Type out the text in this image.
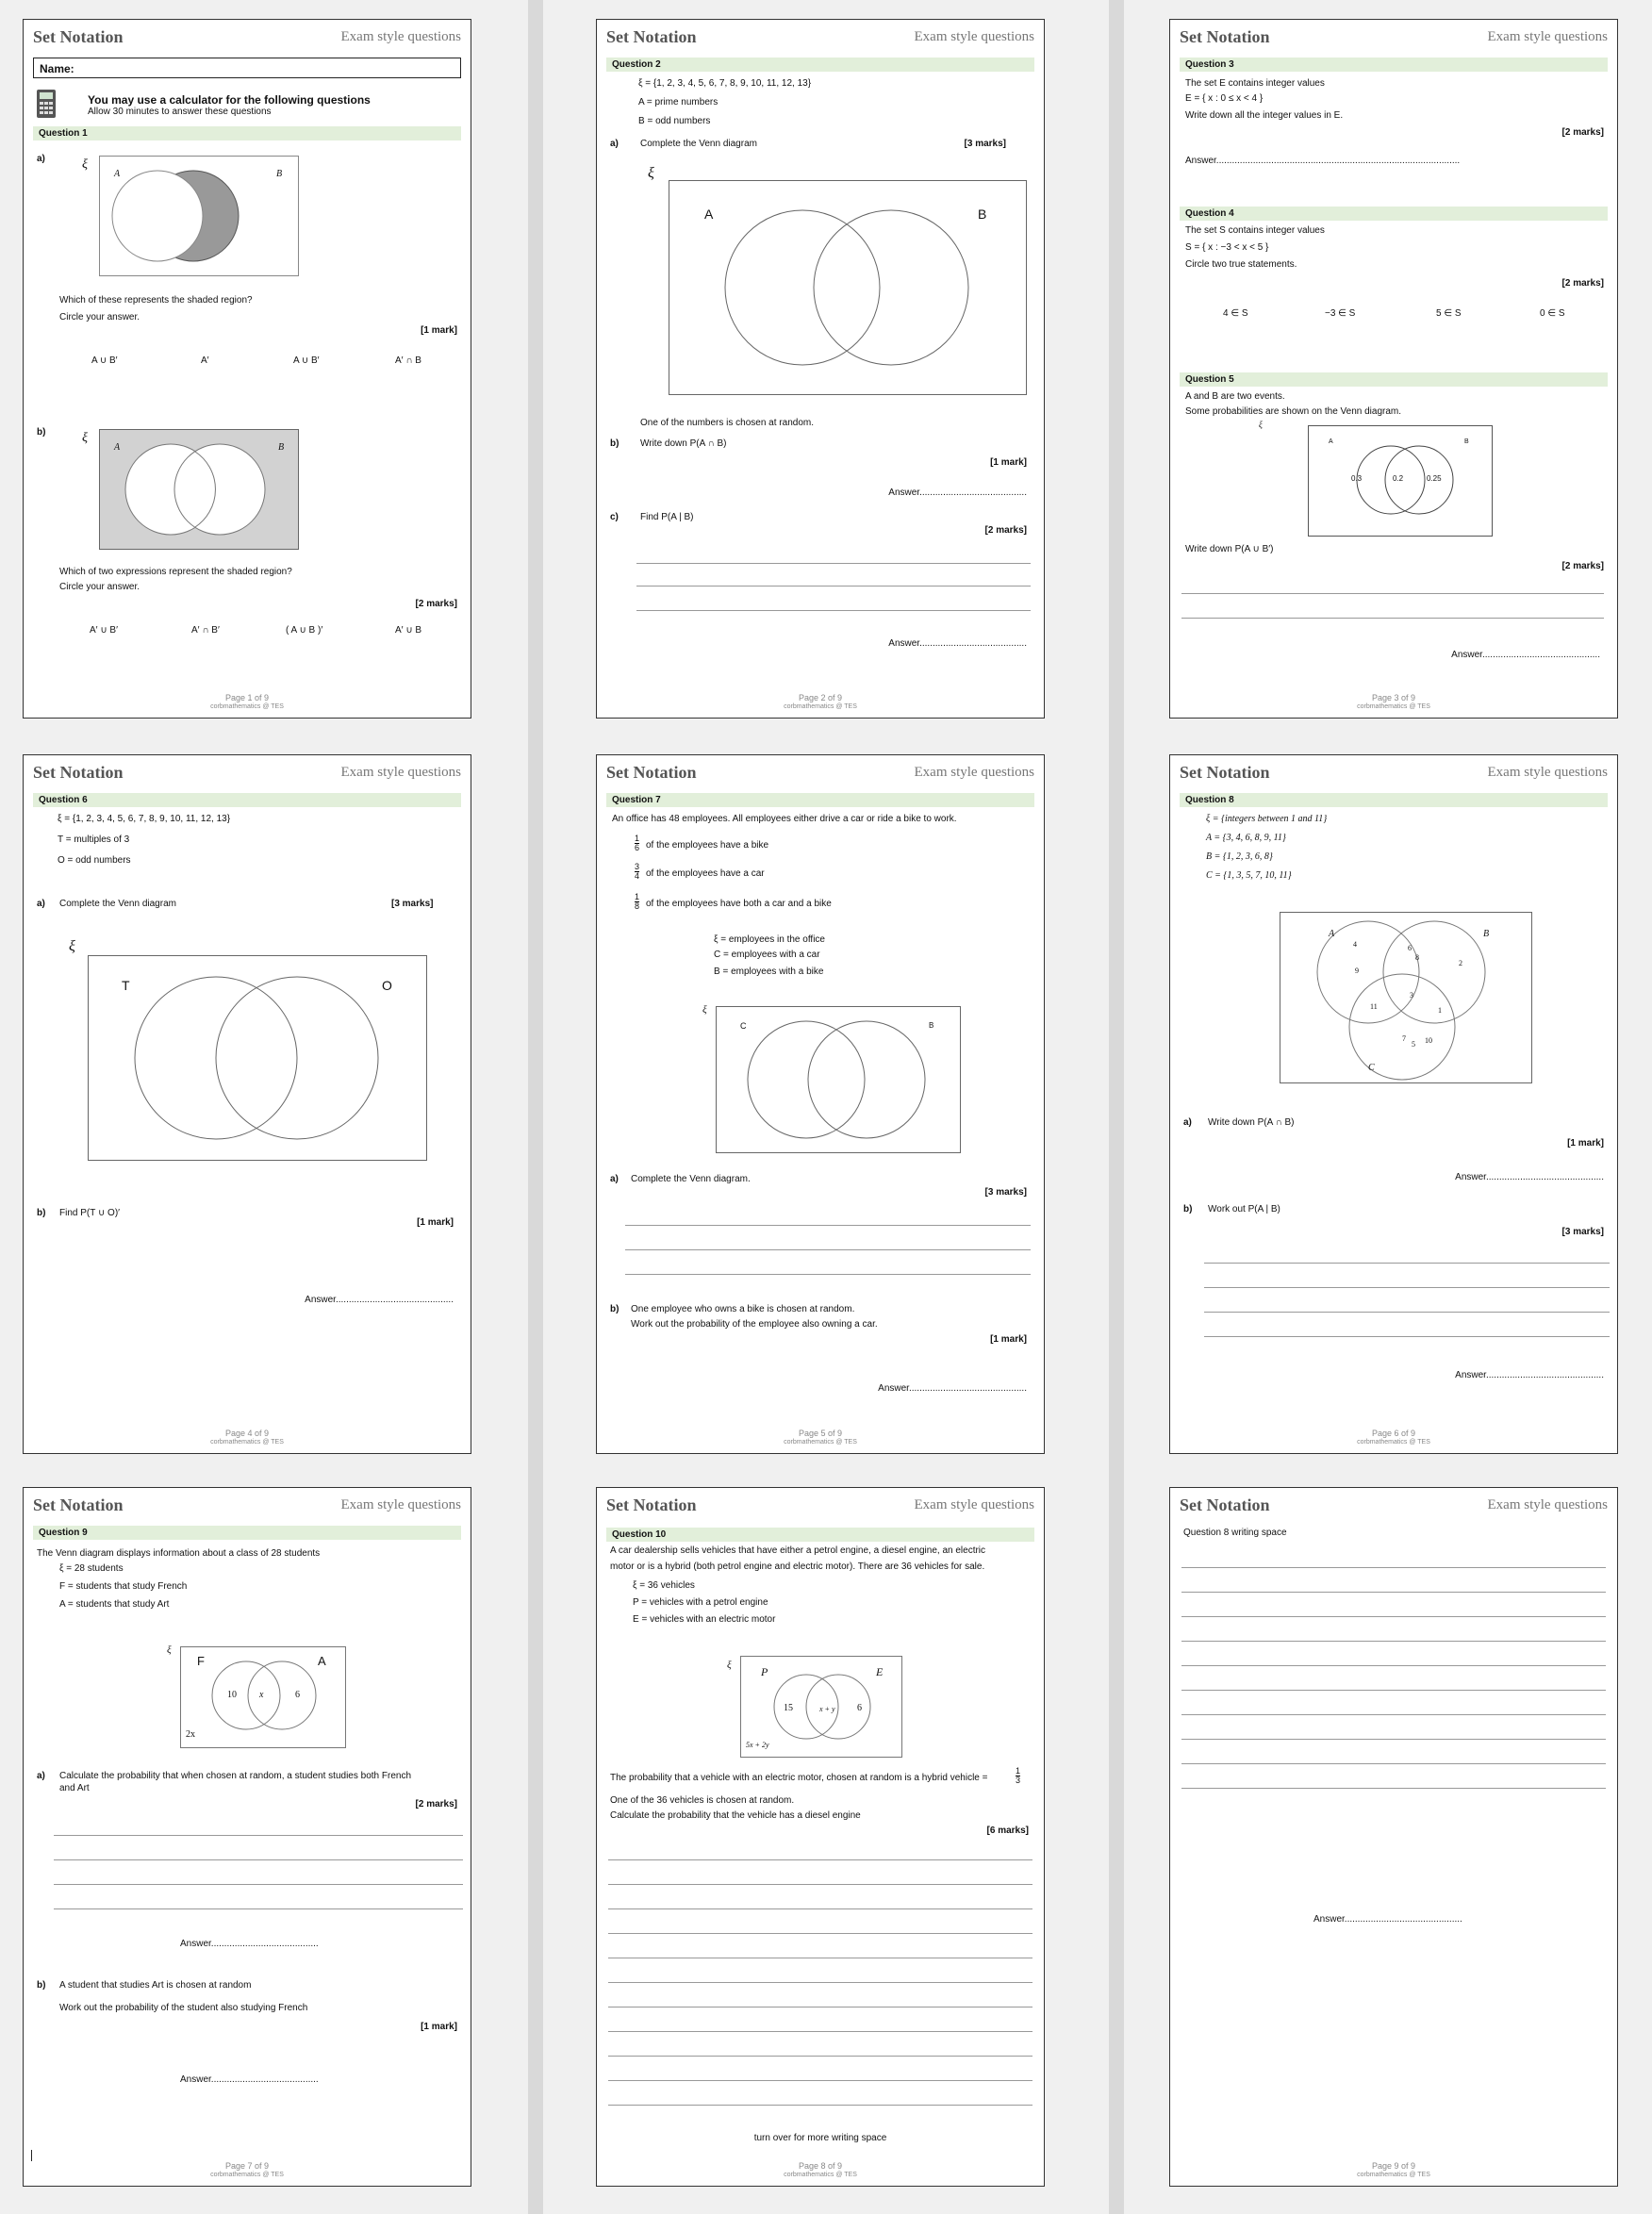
Set Notation	Exam style questions
Name:
You may use a calculator for the following questions
Allow 30 minutes to answer these questions
Question 1
a)	ξ
A	B
Which of these represents the shaded region?
Circle your answer.
[1 mark]
A ∪ B′	A′	A ∪ B′	A′ ∩ B
b)	ξ
A	B
Which of two expressions represent the shaded region?
Circle your answer.
[2 marks]
A′ ∪ B′	A′ ∩ B′	( A ∪ B )′	A′ ∪ B
Page 1 of 9
corbmathematics @ TES
Set Notation	Exam style questions
Question 2
ξ = {1, 2, 3, 4, 5, 6, 7, 8, 9, 10, 11, 12, 13}
A = prime numbers
B = odd numbers
a) Complete the Venn diagram	[3 marks]
ξ
A	B
One of the numbers is chosen at random.
b) Write down P(A ∩ B)
[1 mark]
Answer.........................................
c) Find P(A | B)
[2 marks]
Answer.........................................
Page 2 of 9
corbmathematics @ TES
Set Notation	Exam style questions
Question 3
The set E contains integer values
E = { x : 0 ≤ x < 4 }
Write down all the integer values in E.
[2 marks]
Answer.............................................................................................
Question 4
The set S contains integer values
S = { x : −3 < x < 5 }
Circle two true statements.
[2 marks]
4 ∈ S	−3 ∈ S	5 ∈ S	0 ∈ S
Question 5
A and B are two events.
Some probabilities are shown on the Venn diagram.
ξ
A	B
0.3	0.2	0.25
Write down P(A ∪ B′)
[2 marks]
Answer.............................................
Page 3 of 9
corbmathematics @ TES
Set Notation	Exam style questions
Question 6
ξ = {1, 2, 3, 4, 5, 6, 7, 8, 9, 10, 11, 12, 13}
T = multiples of 3
O = odd numbers
a) Complete the Venn diagram	[3 marks]
ξ
T	O
b) Find P(T ∪ O)′
[1 mark]
Answer.............................................
Page 4 of 9
corbmathematics @ TES
Set Notation	Exam style questions
Question 7
An office has 48 employees. All employees either drive a car or ride a bike to work.
1
6 of the employees have a bike
3
4 of the employees have a car
1
8 of the employees have both a car and a bike
ξ = employees in the office
C = employees with a car
B = employees with a bike
ξ
C	B
a) Complete the Venn diagram.
[3 marks]
b) One employee who owns a bike is chosen at random.
Work out the probability of the employee also owning a car.
[1 mark]
Answer.............................................
Page 5 of 9
corbmathematics @ TES
Set Notation	Exam style questions
Question 8
ξ = {integers between 1 and 11}
A = {3, 4, 6, 8, 9, 11}
B = {1, 2, 3, 6, 8}
C = {1, 3, 5, 7, 10, 11}
A	B
C
4	6
8
2
9
3
11	1
7
5 10
a) Write down P(A ∩ B)
[1 mark]
Answer.............................................
b) Work out P(A | B)
[3 marks]
Answer.............................................
Page 6 of 9
corbmathematics @ TES
Set Notation	Exam style questions
Question 9
The Venn diagram displays information about a class of 28 students
ξ = 28 students
F = students that study French
A = students that study Art
ξ
F	A
10 x	6
2x
a) Calculate the probability that when chosen at random, a student studies both French
and Art
[2 marks]
Answer.........................................
b) A student that studies Art is chosen at random
Work out the probability of the student also studying French
[1 mark]
Answer.........................................
Page 7 of 9
corbmathematics @ TES
Set Notation	Exam style questions
Question 10
A car dealership sells vehicles that have either a petrol engine, a diesel engine, an electric
motor or is a hybrid (both petrol engine and electric motor). There are 36 vehicles for sale.
ξ = 36 vehicles
P = vehicles with a petrol engine
E = vehicles with an electric motor
ξ	P	E
15	x + y 6
5x + 2y
The probability that a vehicle with an electric motor, chosen at random is a hybrid vehicle =
1
3
One of the 36 vehicles is chosen at random.
Calculate the probability that the vehicle has a diesel engine
[6 marks]
turn over for more writing space
Page 8 of 9
corbmathematics @ TES
Set Notation	Exam style questions
Question 8 writing space
Answer.............................................
Page 9 of 9
corbmathematics @ TES
